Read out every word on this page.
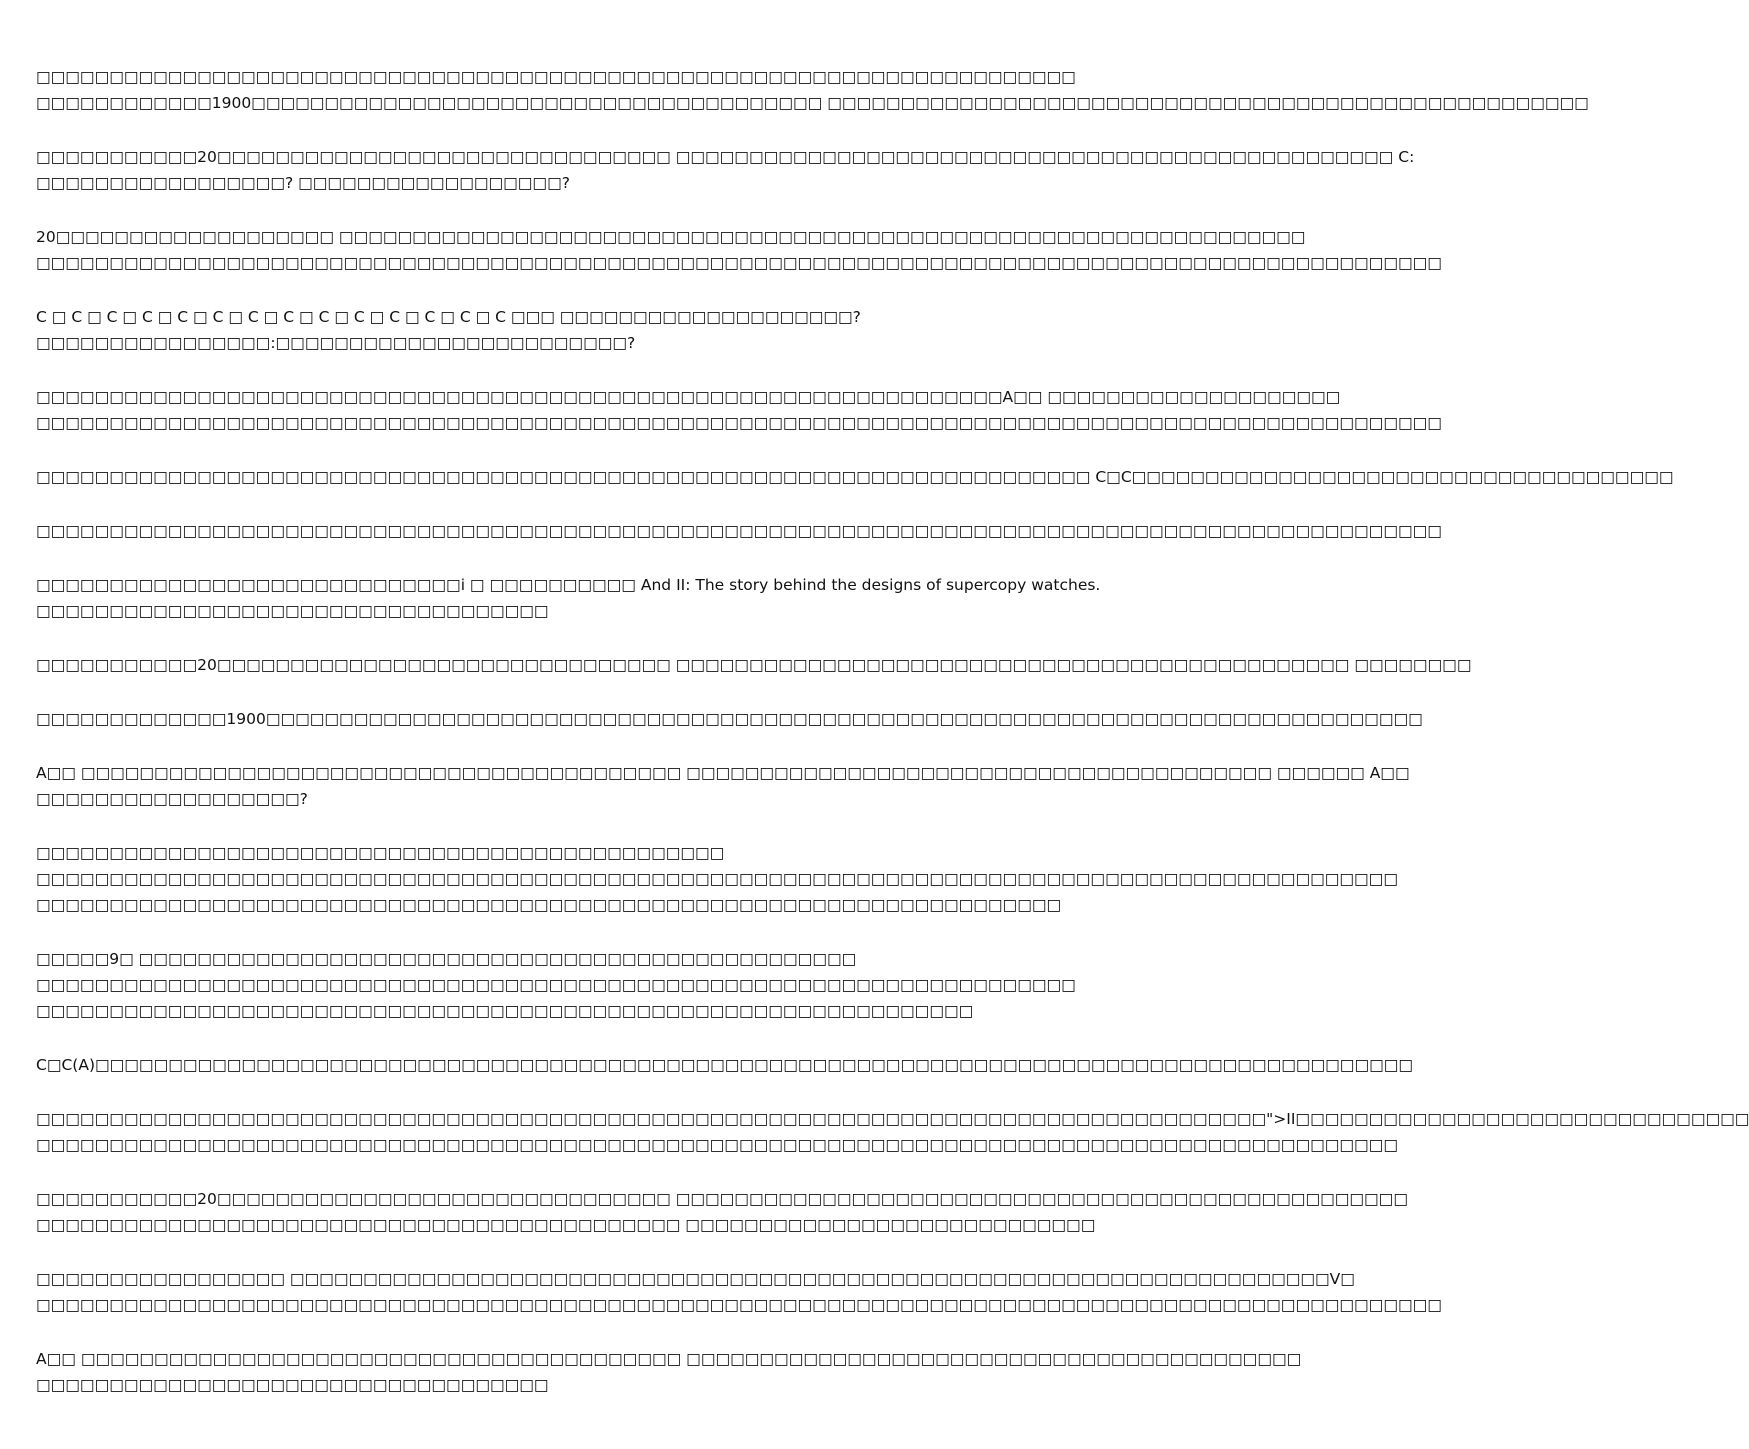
□□□□□□□□□□□□□□□□□□□□□□□□□□□□□□□□□□□□□□□□□□□□□□□□□□□□□□□□□□□□□□□□□□□□□□□
□□□□□□□□□□□□1900□□□□□□□□□□□□□□□□□□□□□□□□□□□□□□□□□□□□□□□ □□□□□□□□□□□□□□□□□□□□□□□□□□□□□□□□□□□□□□□□□□□□□□□□□□□□
□□□□□□□□□□□20□□□□□□□□□□□□□□□□□□□□□□□□□□□□□□□ □□□□□□□□□□□□□□□□□□□□□□□□□□□□□□□□□□□□□□□□□□□□□□□□□ C:
□□□□□□□□□□□□□□□□□? □□□□□□□□□□□□□□□□□□?
20□□□□□□□□□□□□□□□□□□□ □□□□□□□□□□□□□□□□□□□□□□□□□□□□□□□□□□□□□□□□□□□□□□□□□□□□□□□□□□□□□□□□□□
□□□□□□□□□□□□□□□□□□□□□□□□□□□□□□□□□□□□□□□□□□□□□□□□□□□□□□□□□□□□□□□□□□□□□□□□□□□□□□□□□□□□□□□□□□□□□□□□
C □ C □ C □ C □ C □ C □ C □ C □ C □ C □ C □ C □ C □ C □□□ □□□□□□□□□□□□□□□□□□□□?
□□□□□□□□□□□□□□□□:□□□□□□□□□□□□□□□□□□□□□□□□?
□□□□□□□□□□□□□□□□□□□□□□□□□□□□□□□□□□□□□□□□□□□□□□□□□□□□□□□□□□□□□□□□□□A□□ □□□□□□□□□□□□□□□□□□□□
□□□□□□□□□□□□□□□□□□□□□□□□□□□□□□□□□□□□□□□□□□□□□□□□□□□□□□□□□□□□□□□□□□□□□□□□□□□□□□□□□□□□□□□□□□□□□□□□
□□□□□□□□□□□□□□□□□□□□□□□□□□□□□□□□□□□□□□□□□□□□□□□□□□□□□□□□□□□□□□□□□□□□□□□□ C□C□□□□□□□□□□□□□□□□□□□□□□□□□□□□□□□□□□□□□
□□□□□□□□□□□□□□□□□□□□□□□□□□□□□□□□□□□□□□□□□□□□□□□□□□□□□□□□□□□□□□□□□□□□□□□□□□□□□□□□□□□□□□□□□□□□□□□□
□□□□□□□□□□□□□□□□□□□□□□□□□□□□□i □ □□□□□□□□□□ And II: The story behind the designs of supercopy watches.
□□□□□□□□□□□□□□□□□□□□□□□□□□□□□□□□□□□
□□□□□□□□□□□20□□□□□□□□□□□□□□□□□□□□□□□□□□□□□□□ □□□□□□□□□□□□□□□□□□□□□□□□□□□□□□□□□□□□□□□□□□□□□□ □□□□□□□□
□□□□□□□□□□□□□1900□□□□□□□□□□□□□□□□□□□□□□□□□□□□□□□□□□□□□□□□□□□□□□□□□□□□□□□□□□□□□□□□□□□□□□□□□□□□□□□
A□□ □□□□□□□□□□□□□□□□□□□□□□□□□□□□□□□□□□□□□□□□□ □□□□□□□□□□□□□□□□□□□□□□□□□□□□□□□□□□□□□□□□ □□□□□□ A□□
□□□□□□□□□□□□□□□□□□?
□□□□□□□□□□□□□□□□□□□□□□□□□□□□□□□□□□□□□□□□□□□□□□□
□□□□□□□□□□□□□□□□□□□□□□□□□□□□□□□□□□□□□□□□□□□□□□□□□□□□□□□□□□□□□□□□□□□□□□□□□□□□□□□□□□□□□□□□□□□□□
□□□□□□□□□□□□□□□□□□□□□□□□□□□□□□□□□□□□□□□□□□□□□□□□□□□□□□□□□□□□□□□□□□□□□□
□□□□□9□ □□□□□□□□□□□□□□□□□□□□□□□□□□□□□□□□□□□□□□□□□□□□□□□□□
□□□□□□□□□□□□□□□□□□□□□□□□□□□□□□□□□□□□□□□□□□□□□□□□□□□□□□□□□□□□□□□□□□□□□□□
□□□□□□□□□□□□□□□□□□□□□□□□□□□□□□□□□□□□□□□□□□□□□□□□□□□□□□□□□□□□□□□□
C□C(A)□□□□□□□□□□□□□□□□□□□□□□□□□□□□□□□□□□□□□□□□□□□□□□□□□□□□□□□□□□□□□□□□□□□□□□□□□□□□□□□□□□□□□□□□□□
□□□□□□□□□□□□□□□□□□□□□□□□□□□□□□□□□□□□□□□□□□□□□□□□□□□□□□□□□□□□□□□□□□□□□□□□□□□□□□□□□□□□">II□□□□□□□□□□□□□□□□□□□□□□□□□□□□□□□
□□□□□□□□□□□□□□□□□□□□□□□□□□□□□□□□□□□□□□□□□□□□□□□□□□□□□□□□□□□□□□□□□□□□□□□□□□□□□□□□□□□□□□□□□□□□□
□□□□□□□□□□□20□□□□□□□□□□□□□□□□□□□□□□□□□□□□□□□ □□□□□□□□□□□□□□□□□□□□□□□□□□□□□□□□□□□□□□□□□□□□□□□□□□
□□□□□□□□□□□□□□□□□□□□□□□□□□□□□□□□□□□□□□□□□□□□ □□□□□□□□□□□□□□□□□□□□□□□□□□□□
□□□□□□□□□□□□□□□□□ □□□□□□□□□□□□□□□□□□□□□□□□□□□□□□□□□□□□□□□□□□□□□□□□□□□□□□□□□□□□□□□□□□□□□□□V□
□□□□□□□□□□□□□□□□□□□□□□□□□□□□□□□□□□□□□□□□□□□□□□□□□□□□□□□□□□□□□□□□□□□□□□□□□□□□□□□□□□□□□□□□□□□□□□□□
A□□ □□□□□□□□□□□□□□□□□□□□□□□□□□□□□□□□□□□□□□□□□ □□□□□□□□□□□□□□□□□□□□□□□□□□□□□□□□□□□□□□□□□□
□□□□□□□□□□□□□□□□□□□□□□□□□□□□□□□□□□□
